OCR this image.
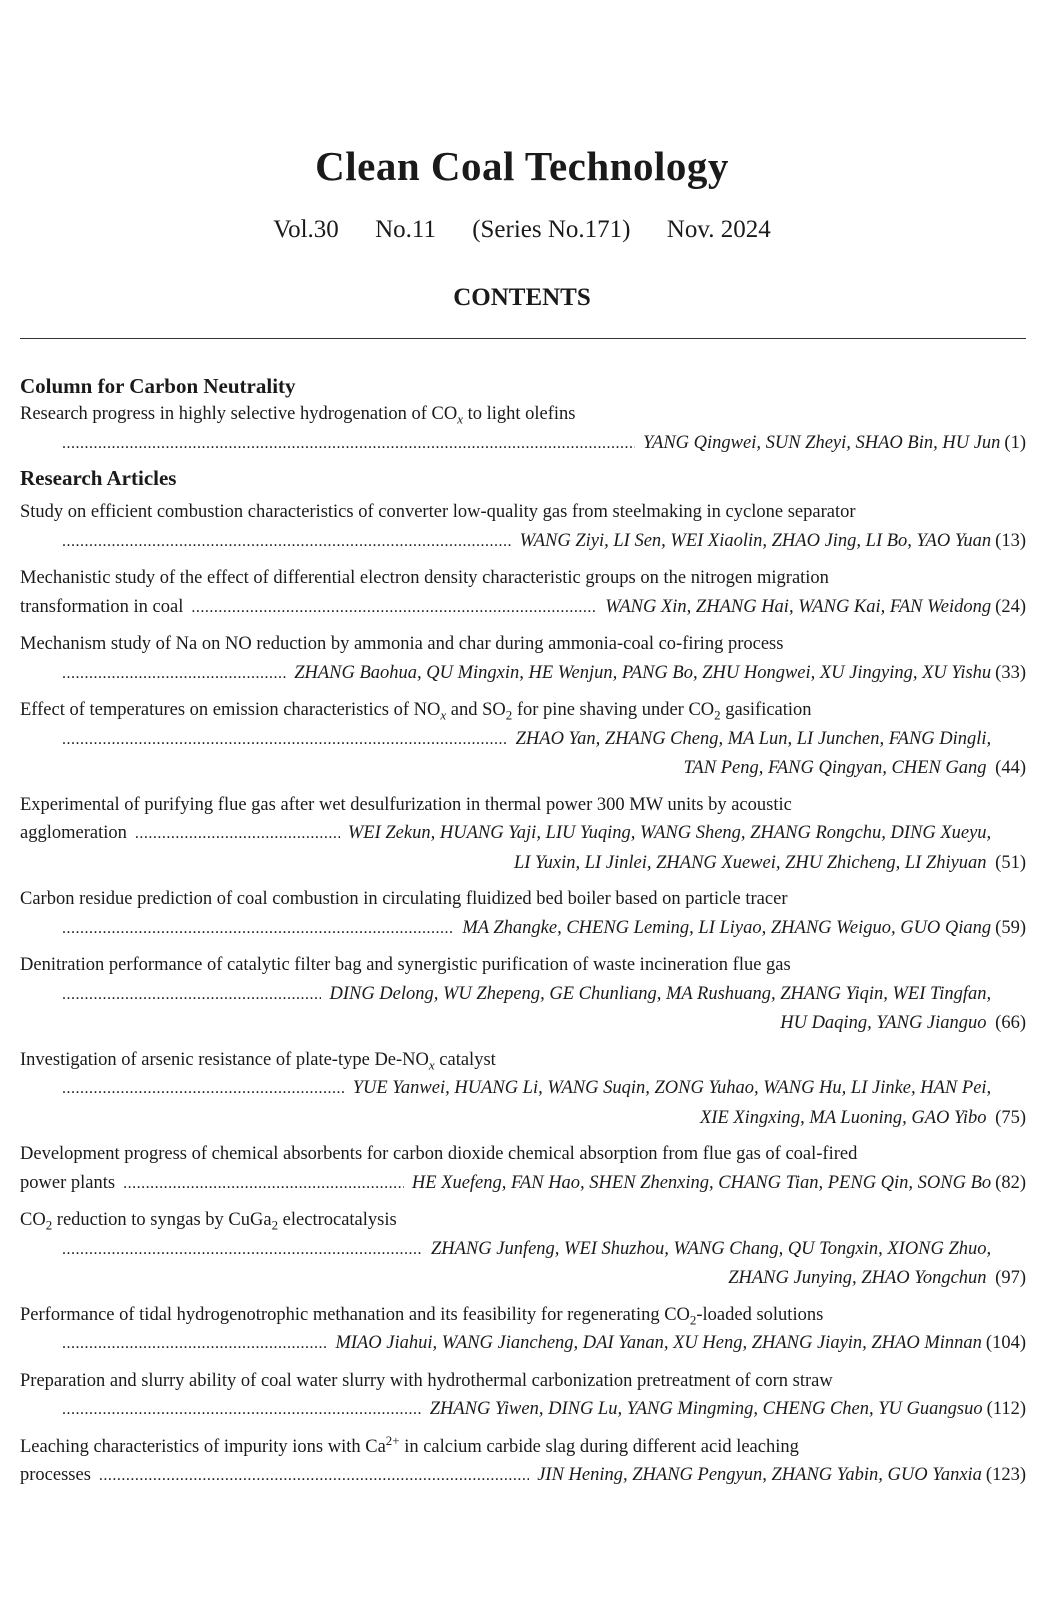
Clean Coal Technology
Vol.30 No.11 (Series No.171) Nov. 2024
CONTENTS
Column for Carbon Neutrality
Research progress in highly selective hydrogenation of $CO_x$ to light olefins
.....
YANG Qingwei, SUN Zheyi, SHAO Bin, HU Jun (1)
Research Articles
Study on efficient combustion characteristics of converter low-quality gas from steelmaking in cyclone separator
.....
WANG Ziyi, LI Sen, WEI Xiaolin, ZHAO Jing, LI Bo, YAO Yuan (13)
Mechanistic study of the effect of differential electron density characteristic groups on the nitrogen migration
transformation in coal .....	WANG Xin, ZHANG Hai, WANG Kai, FAN Weidong (24)
Mechanism study of Na on NO reduction by ammonia and char during ammonia-coal co-firing process
.....
ZHANG Baohua, QU Mingxin, HE Wenjun, PANG Bo, ZHU Hongwei, XU Jingying, XU Yishu (33)
Effect of temperatures on emission characteristics of $NO_x$ and $SO_2$ for pine shaving under $CO_2$ gasification
.....
ZHAO Yan, ZHANG Cheng, MA Lun, LI Junchen, FANG Dingli,
TAN Peng, FANG Qingyan, CHEN Gang (44)
Experimental of purifying flue gas after wet desulfurization in thermal power 300 MW units by acoustic
agglomeration .....	WEI Zekun, HUANG Yaji, LIU Yuqing, WANG Sheng, ZHANG Rongchu, DING Xueyu,
LI Yuxin, LI Jinlei, ZHANG Xuewei, ZHU Zhicheng, LI Zhiyuan (51)
Carbon residue prediction of coal combustion in circulating fluidized bed boiler based on particle tracer
.....
MA Zhangke, CHENG Leming, LI Liyao, ZHANG Weiguo, GUO Qiang (59)
Denitration performance of catalytic filter bag and synergistic purification of waste incineration flue gas
.....
DING Delong, WU Zhepeng, GE Chunliang, MA Rushuang, ZHANG Yiqin, WEI Tingfan,
HU Daqing, YANG Jianguo (66)
Investigation of arsenic resistance of plate-type $De-NO_x$ catalyst
.....
YUE Yanwei, HUANG Li, WANG Suqin, ZONG Yuhao, WANG Hu, LI Jinke, HAN Pei,
XIE Xingxing, MA Luoning, GAO Yibo (75)
Development progress of chemical absorbents for carbon dioxide chemical absorption from flue gas of coal-fired
power plants .....	HE Xuefeng, FAN Hao, SHEN Zhenxing, CHANG Tian, PENG Qin, SONG Bo (82)
$CO_2$ reduction to syngas by CuGa$_2$ electrocatalysis
.....
ZHANG Junfeng, WEI Shuzhou, WANG Chang, QU Tongxin, XIONG Zhuo,
ZHANG Junying, ZHAO Yongchun (97)
Performance of tidal hydrogenotrophic methanation and its feasibility for regenerating $CO_2$-loaded solutions
.....
MIAO Jiahui, WANG Jiancheng, DAI Yanan, XU Heng, ZHANG Jiayin, ZHAO Minnan (104)
Preparation and slurry ability of coal water slurry with hydrothermal carbonization pretreatment of corn straw
.....
ZHANG Yiwen, DING Lu, YANG Mingming, CHENG Chen, YU Guangsuo (112)
Leaching characteristics of impurity ions with $Ca^{2+}$ in calcium carbide slag during different acid leaching
processes .....	JIN Hening, ZHANG Pengyun, ZHANG Yabin, GUO Yanxia (123)
